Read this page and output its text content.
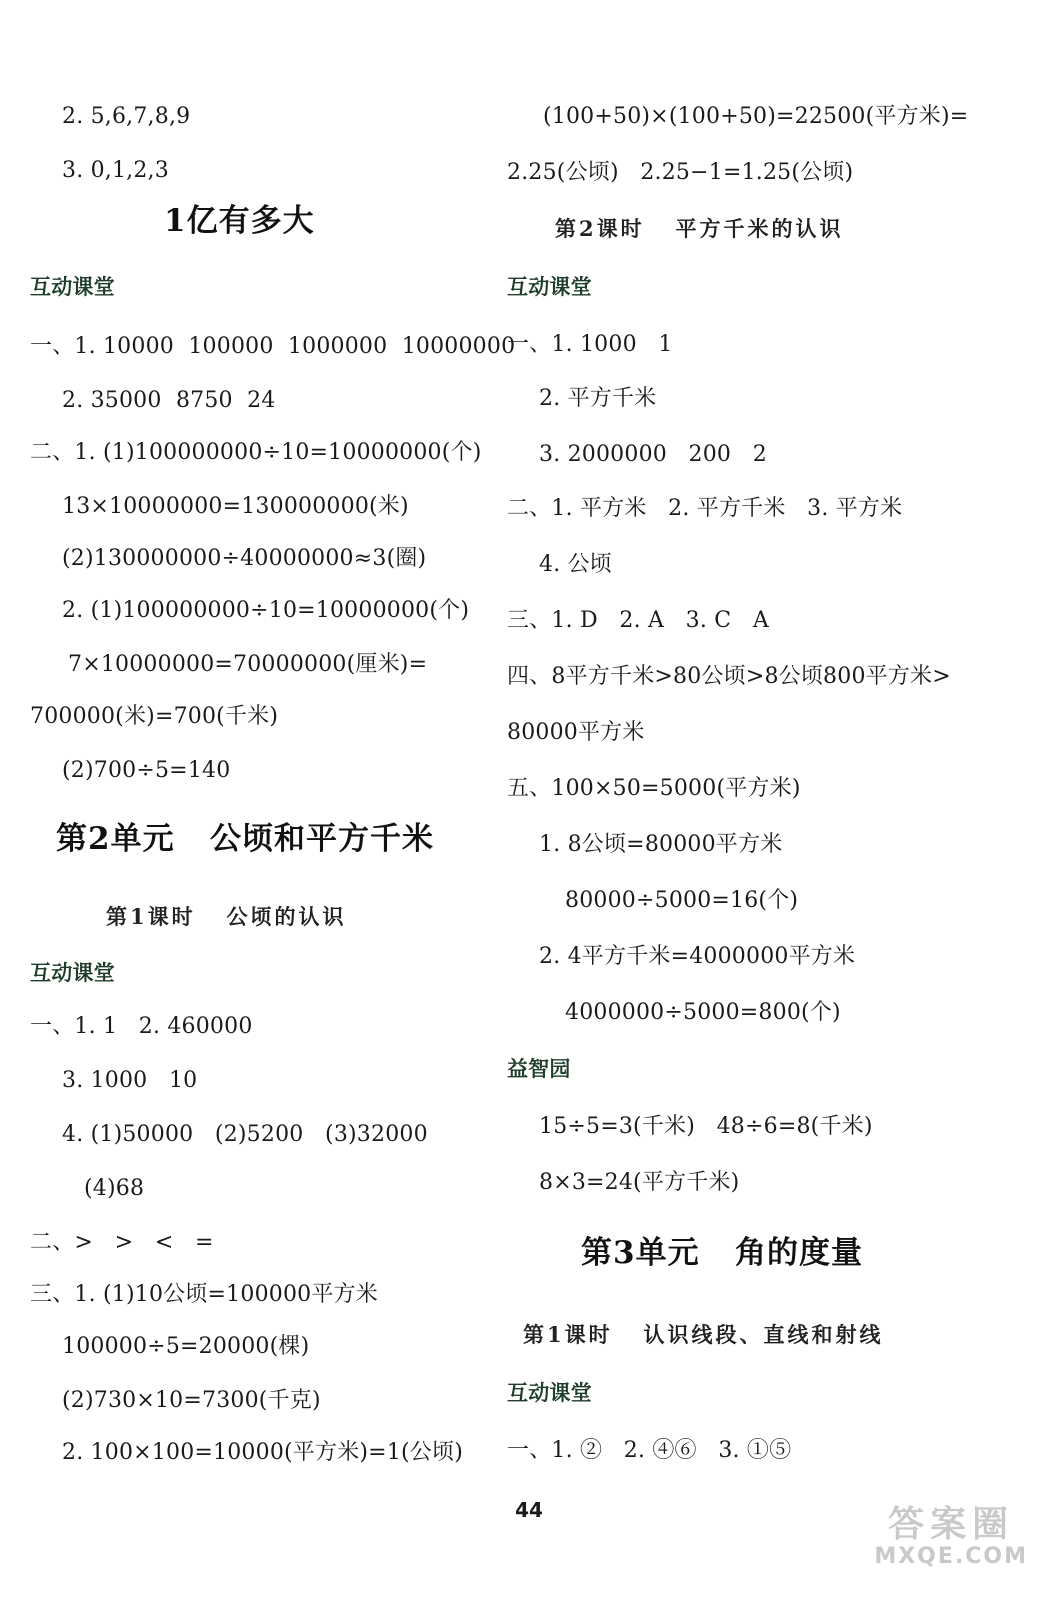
2. 5,6,7,8,9
3. 0,1,2,3
1亿有多大
互动课堂
一、1. 10000  100000  1000000  10000000
2. 35000  8750  24
二、1. (1)100000000÷10=10000000(个)
13×10000000=130000000(米)
(2)130000000÷40000000≈3(圈)
2. (1)100000000÷10=10000000(个)
7×10000000=70000000(厘米)=
700000(米)=700(千米)
(2)700÷5=140
第2单元   公顷和平方千米
第1课时   公顷的认识
互动课堂
一、1. 1   2. 460000
3. 1000   10
4. (1)50000   (2)5200   (3)32000
(4)68
二、>   >   <   =
三、1. (1)10公顷=100000平方米
100000÷5=20000(棵)
(2)730×10=7300(千克)
2. 100×100=10000(平方米)=1(公顷)
(100+50)×(100+50)=22500(平方米)=
2.25(公顷)   2.25−1=1.25(公顷)
第2课时   平方千米的认识
互动课堂
一、1. 1000   1
2. 平方千米
3. 2000000   200   2
二、1. 平方米   2. 平方千米   3. 平方米
4. 公顷
三、1. D   2. A   3. C   A
四、8平方千米>80公顷>8公顷800平方米>
80000平方米
五、100×50=5000(平方米)
1. 8公顷=80000平方米
80000÷5000=16(个)
2. 4平方千米=4000000平方米
4000000÷5000=800(个)
益智园
15÷5=3(千米)   48÷6=8(千米)
8×3=24(平方千米)
第3单元   角的度量
第1课时   认识线段、直线和射线
互动课堂
一、1. ②   2. ④⑥   3. ①⑤
44	答案圈
MXQE.COM
